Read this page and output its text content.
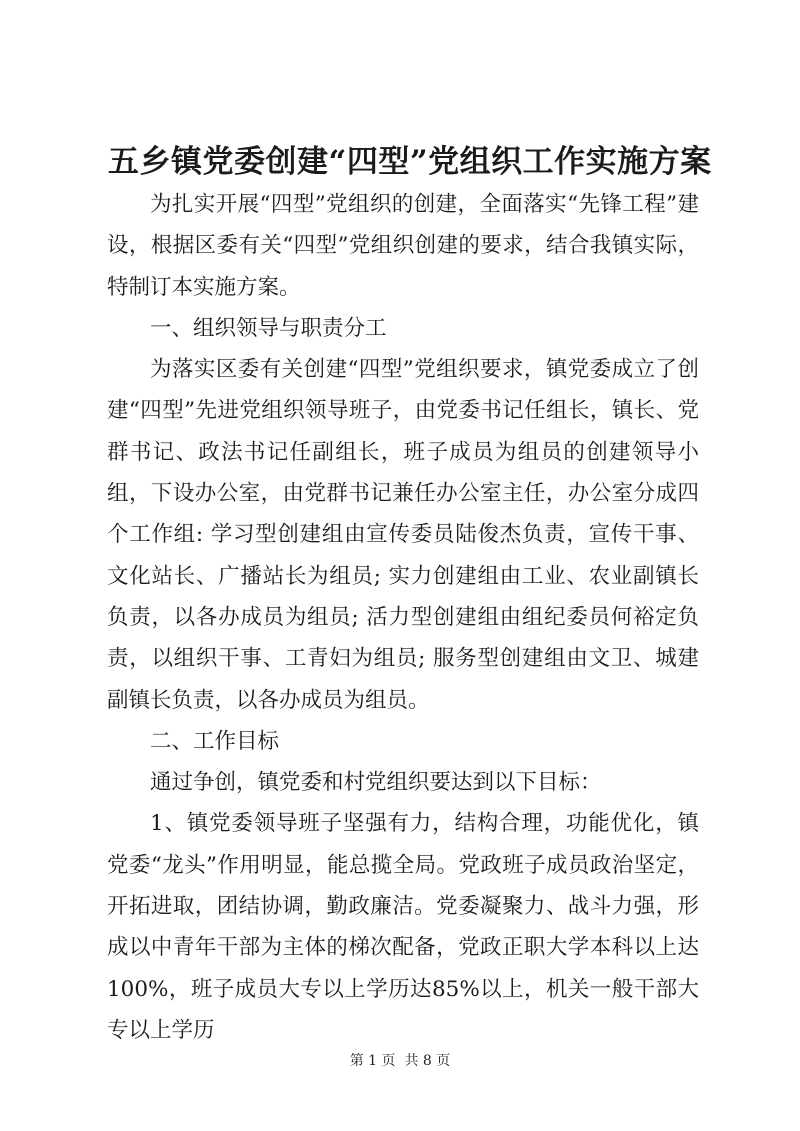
五乡镇党委创建“四型”党组织工作实施方案

为扎实开展“四型”党组织的创建，全面落实“先锋工程”建设，根据区委有关“四型”党组织创建的要求，结合我镇实际，特制订本实施方案。

一、组织领导与职责分工

为落实区委有关创建“四型”党组织要求，镇党委成立了创建“四型”先进党组织领导班子，由党委书记任组长，镇长、党群书记、政法书记任副组长，班子成员为组员的创建领导小组，下设办公室，由党群书记兼任办公室主任，办公室分成四个工作组: 学习型创建组由宣传委员陆俊杰负责，宣传干事、文化站长、广播站长为组员; 实力创建组由工业、农业副镇长负责，以各办成员为组员; 活力型创建组由组纪委员何裕定负责，以组织干事、工青妇为组员; 服务型创建组由文卫、城建副镇长负责，以各办成员为组员。

二、工作目标

通过争创，镇党委和村党组织要达到以下目标：

1、镇党委领导班子坚强有力，结构合理，功能优化，镇党委“龙头”作用明显，能总揽全局。党政班子成员政治坚定，开拓进取，团结协调，勤政廉洁。党委凝聚力、战斗力强，形成以中青年干部为主体的梯次配备，党政正职大学本科以上达100%，班子成员大专以上学历达85%以上，机关一般干部大专以上学历

第 1 页  共 8 页
